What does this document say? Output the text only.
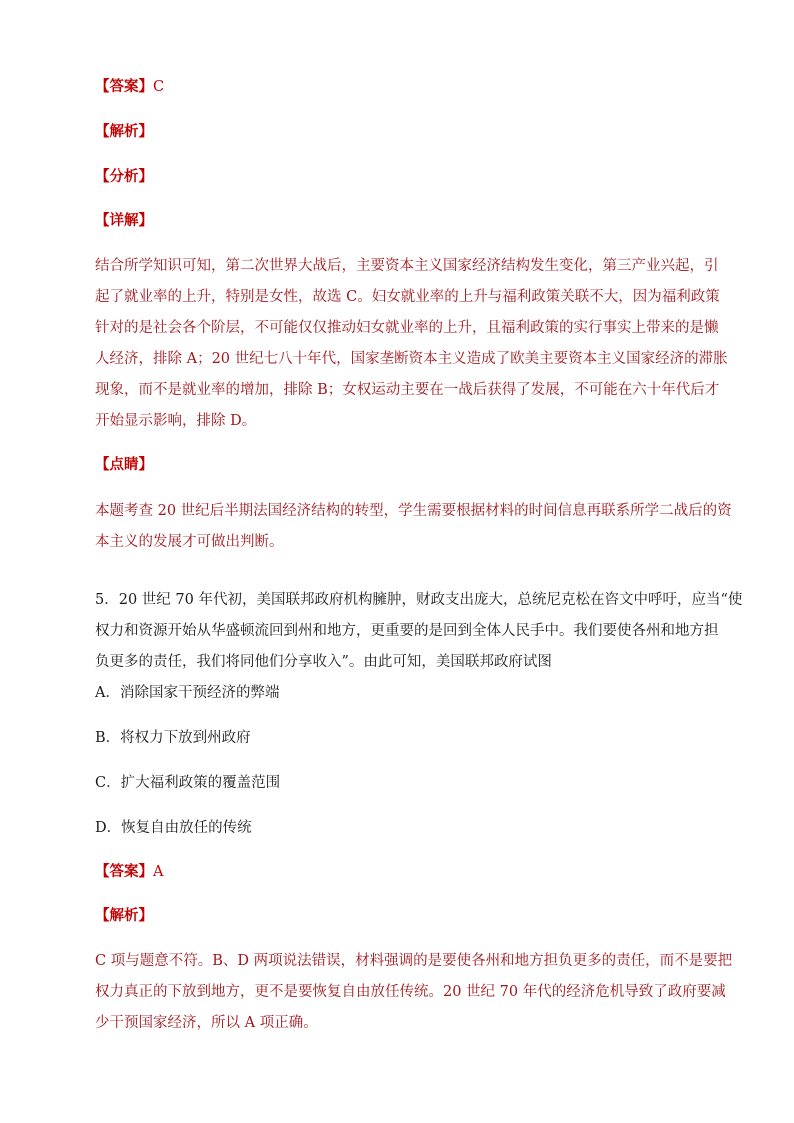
【答案】C
【解析】
【分析】
【详解】
结合所学知识可知，第二次世界大战后，主要资本主义国家经济结构发生变化，第三产业兴起，引
起了就业率的上升，特别是女性，故选 C。妇女就业率的上升与福利政策关联不大，因为福利政策
针对的是社会各个阶层，不可能仅仅推动妇女就业率的上升，且福利政策的实行事实上带来的是懒
人经济，排除 A；20 世纪七八十年代，国家垄断资本主义造成了欧美主要资本主义国家经济的滞胀
现象，而不是就业率的增加，排除 B；女权运动主要在一战后获得了发展，不可能在六十年代后才
开始显示影响，排除 D。
【点睛】
本题考查 20 世纪后半期法国经济结构的转型，学生需要根据材料的时间信息再联系所学二战后的资
本主义的发展才可做出判断。
5．20 世纪 70 年代初，美国联邦政府机构臃肿，财政支出庞大，总统尼克松在咨文中呼吁，应当“使
权力和资源开始从华盛顿流回到州和地方，更重要的是回到全体人民手中。我们要使各州和地方担
负更多的责任，我们将同他们分享收入”。由此可知，美国联邦政府试图
A．消除国家干预经济的弊端
B．将权力下放到州政府
C．扩大福利政策的覆盖范围
D．恢复自由放任的传统
【答案】A
【解析】
C 项与题意不符。B、D 两项说法错误，材料强调的是要使各州和地方担负更多的责任，而不是要把
权力真正的下放到地方，更不是要恢复自由放任传统。20 世纪 70 年代的经济危机导致了政府要减
少干预国家经济，所以 A 项正确。
